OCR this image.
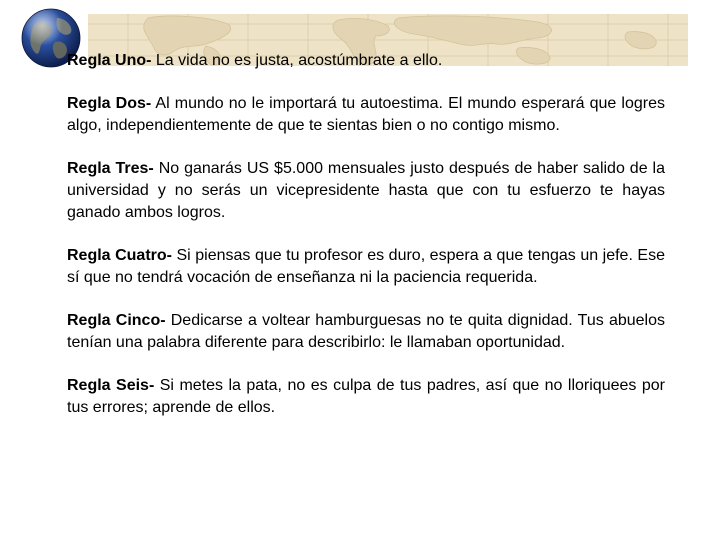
Regla Uno- La vida no es justa, acostúmbrate a ello.

Regla Dos- Al mundo no le importará tu autoestima. El mundo esperará que logres algo, independientemente de que te sientas bien o no contigo mismo.

Regla Tres- No ganarás US $5.000 mensuales justo después de haber salido de la universidad y no serás un vicepresidente hasta que con tu esfuerzo te hayas ganado ambos logros.

Regla Cuatro- Si piensas que tu profesor es duro, espera a que tengas un jefe. Ese sí que no tendrá vocación de enseñanza ni la paciencia requerida.

Regla Cinco- Dedicarse a voltear hamburguesas no te quita dignidad. Tus abuelos tenían una palabra diferente para describirlo: le llamaban oportunidad.

Regla Seis- Si metes la pata, no es culpa de tus padres, así que no lloriquees por tus errores; aprende de ellos.
